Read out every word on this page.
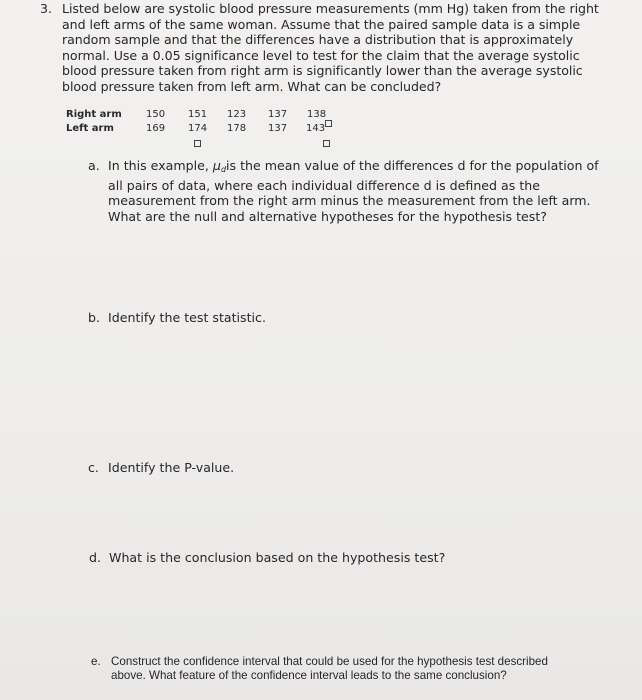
3. Listed below are systolic blood pressure measurements (mm Hg) taken from the right
and left arms of the same woman. Assume that the paired sample data is a simple
random sample and that the differences have a distribution that is approximately
normal. Use a 0.05 significance level to test for the claim that the average systolic
blood pressure taken from right arm is significantly lower than the average systolic
blood pressure taken from left arm. What can be concluded?
Right arm 150 151 123 137 138
Left arm	169 174 178 137 143
a. In this example, $\mu_dis$ the mean value of the differences d for the population of
all pairs of data, where each individual difference d is defined as the
measurement from the right arm minus the measurement from the left arm.
What are the null and alternative hypotheses for the hypothesis test?
b. Identify the test statistic.
c. Identify the P-value.
d. What is the conclusion based on the hypothesis test?
e. Construct the confidence interval that could be used for the hypothesis test described
above. What feature of the confidence interval leads to the same conclusion?
